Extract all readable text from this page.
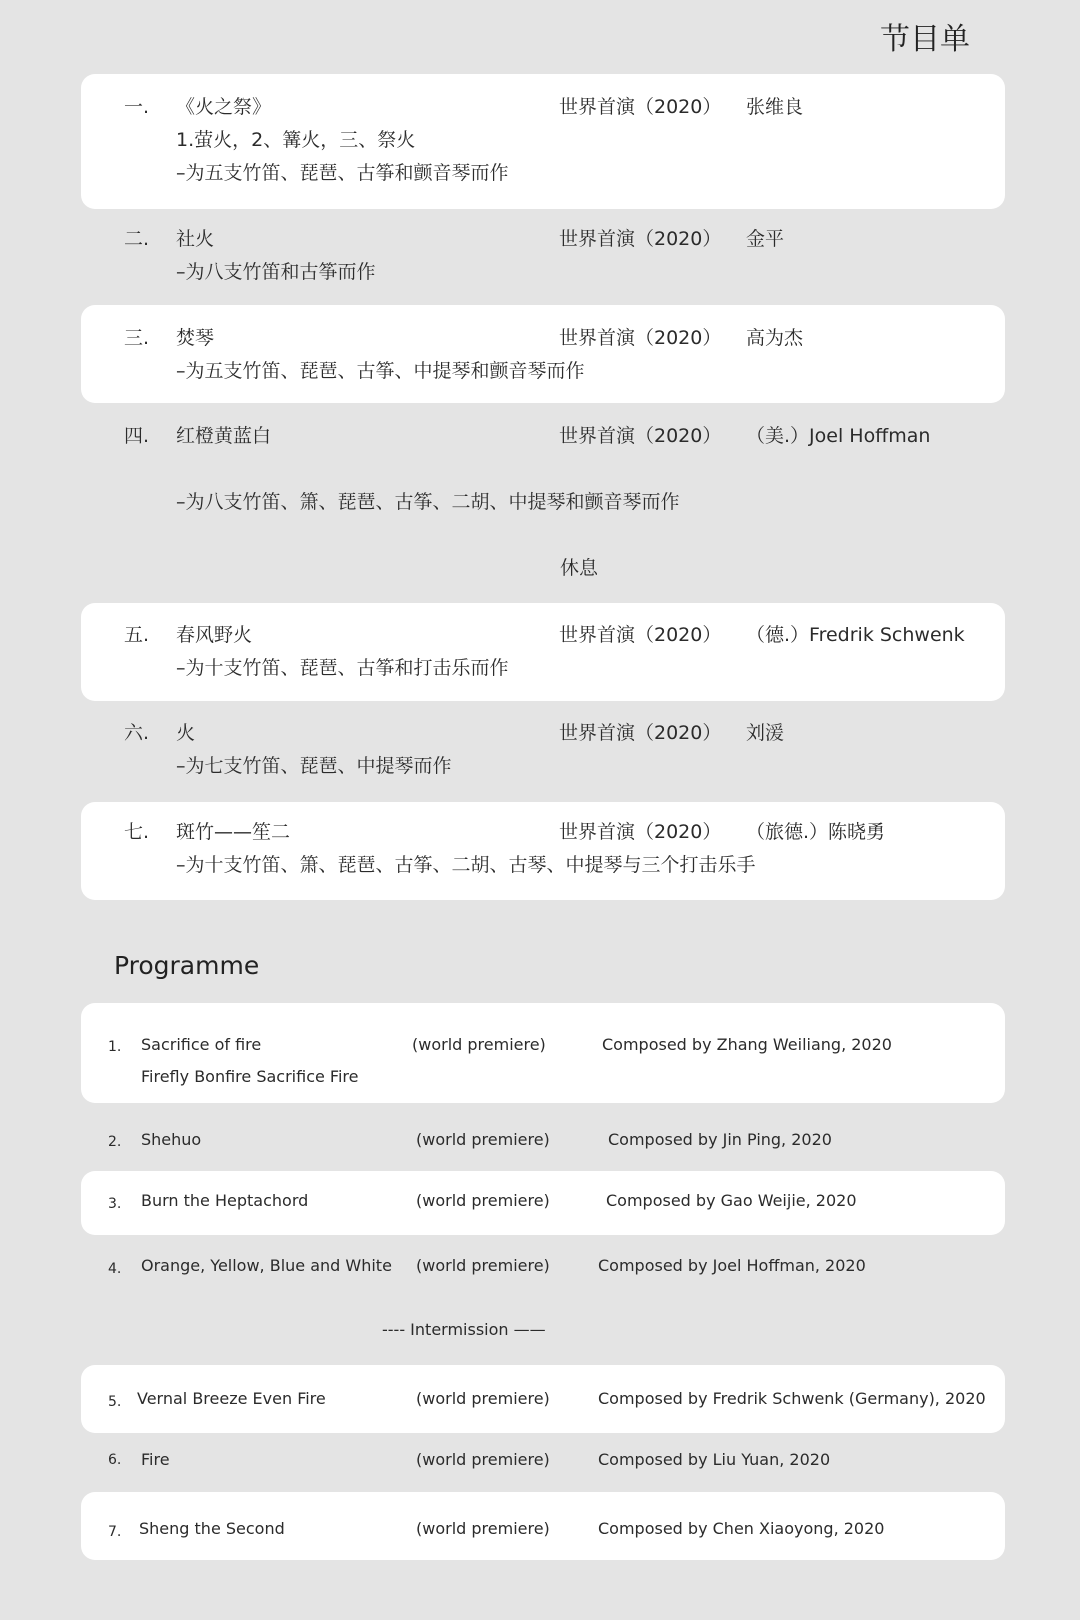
节目单
一. 《火之祭》	世界首演（2020） 张维良
1.萤火，2、篝火，三、祭火
–为五支竹笛、琵琶、古筝和颤音琴而作
二. 社火	世界首演（2020） 金平
–为八支竹笛和古筝而作
三. 焚琴	世界首演（2020） 高为杰
–为五支竹笛、琵琶、古筝、中提琴和颤音琴而作
四. 红橙黄蓝白	世界首演（2020） （美.）Joel Hoffman
–为八支竹笛、箫、琵琶、古筝、二胡、中提琴和颤音琴而作
休息
五. 春风野火	世界首演（2020） （德.）Fredrik Schwenk
–为十支竹笛、琵琶、古筝和打击乐而作
六. 火	世界首演（2020） 刘湲
–为七支竹笛、琵琶、中提琴而作
七. 斑竹——笙二	世界首演（2020） （旅德.）陈晓勇
–为十支竹笛、箫、琵琶、古筝、二胡、古琴、中提琴与三个打击乐手
Programme
1. Sacrifice of fire	(world premiere)	Composed by Zhang Weiliang, 2020
Firefly Bonfire Sacrifice Fire
2. Shehuo	(world premiere)	Composed by Jin Ping, 2020
3. Burn the Heptachord	(world premiere)	Composed by Gao Weijie, 2020
4. Orange, Yellow, Blue and White (world premiere)	Composed by Joel Hoffman, 2020
---- Intermission ——
5. Vernal Breeze Even Fire	(world premiere)	Composed by Fredrik Schwenk (Germany), 2020
6. Fire	(world premiere)	Composed by Liu Yuan, 2020
7. Sheng the Second	(world premiere)	Composed by Chen Xiaoyong, 2020
